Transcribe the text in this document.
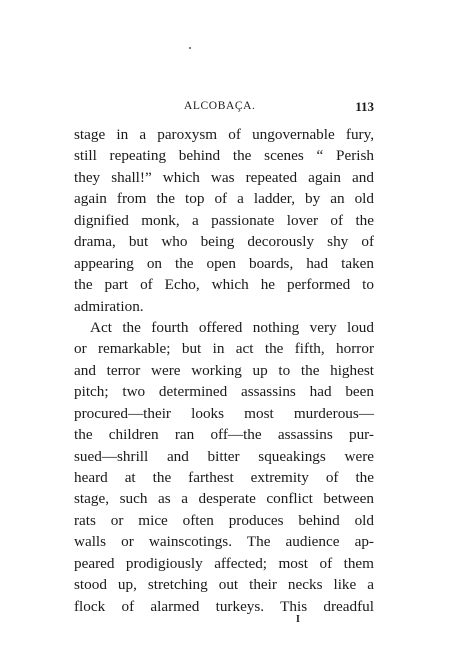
ALCOBAÇA.	113
stage in a paroxysm of ungovernable fury,
still repeating behind the scenes “ Perish
they shall!” which was repeated again and
again from the top of a ladder, by an old
dignified monk, a passionate lover of the
drama, but who being decorously shy of
appearing on the open boards, had taken
the part of Echo, which he performed to
admiration.
Act the fourth offered nothing very loud
or remarkable; but in act the fifth, horror
and terror were working up to the highest
pitch; two determined assassins had been
procured—their looks most murderous—
the children ran off—the assassins pur-
sued—shrill and bitter squeakings were
heard at the farthest extremity of the
stage, such as a desperate conflict between
rats or mice often produces behind old
walls or wainscotings. The audience ap-
peared prodigiously affected; most of them
stood up, stretching out their necks like a
flock of alarmed turkeys. This dreadful
I
